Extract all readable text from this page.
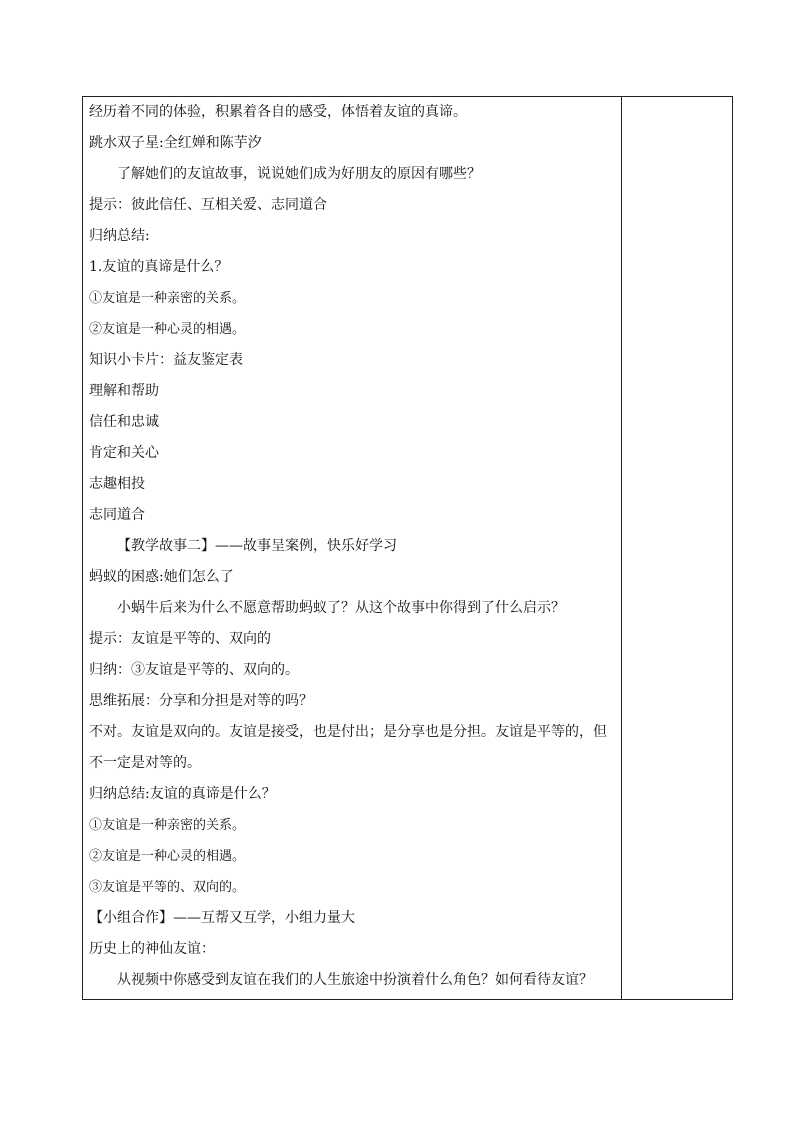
经历着不同的体验，积累着各自的感受，体悟着友谊的真谛。
跳水双子星:全红婵和陈芋汐
了解她们的友谊故事，说说她们成为好朋友的原因有哪些？
提示：彼此信任、互相关爱、志同道合
归纳总结:
1.友谊的真谛是什么？
①友谊是一种亲密的关系。
②友谊是一种心灵的相遇。
知识小卡片：益友鉴定表
理解和帮助
信任和忠诚
肯定和关心
志趣相投
志同道合
【教学故事二】——故事呈案例，快乐好学习
蚂蚁的困惑:她们怎么了
小蜗牛后来为什么不愿意帮助蚂蚁了？从这个故事中你得到了什么启示？
提示：友谊是平等的、双向的
归纳：③友谊是平等的、双向的。
思维拓展：分享和分担是对等的吗？
不对。友谊是双向的。友谊是接受，也是付出；是分享也是分担。友谊是平等的，但
不一定是对等的。
归纳总结:友谊的真谛是什么？
①友谊是一种亲密的关系。
②友谊是一种心灵的相遇。
③友谊是平等的、双向的。
【小组合作】——互帮又互学，小组力量大
历史上的神仙友谊：
从视频中你感受到友谊在我们的人生旅途中扮演着什么角色？如何看待友谊？
